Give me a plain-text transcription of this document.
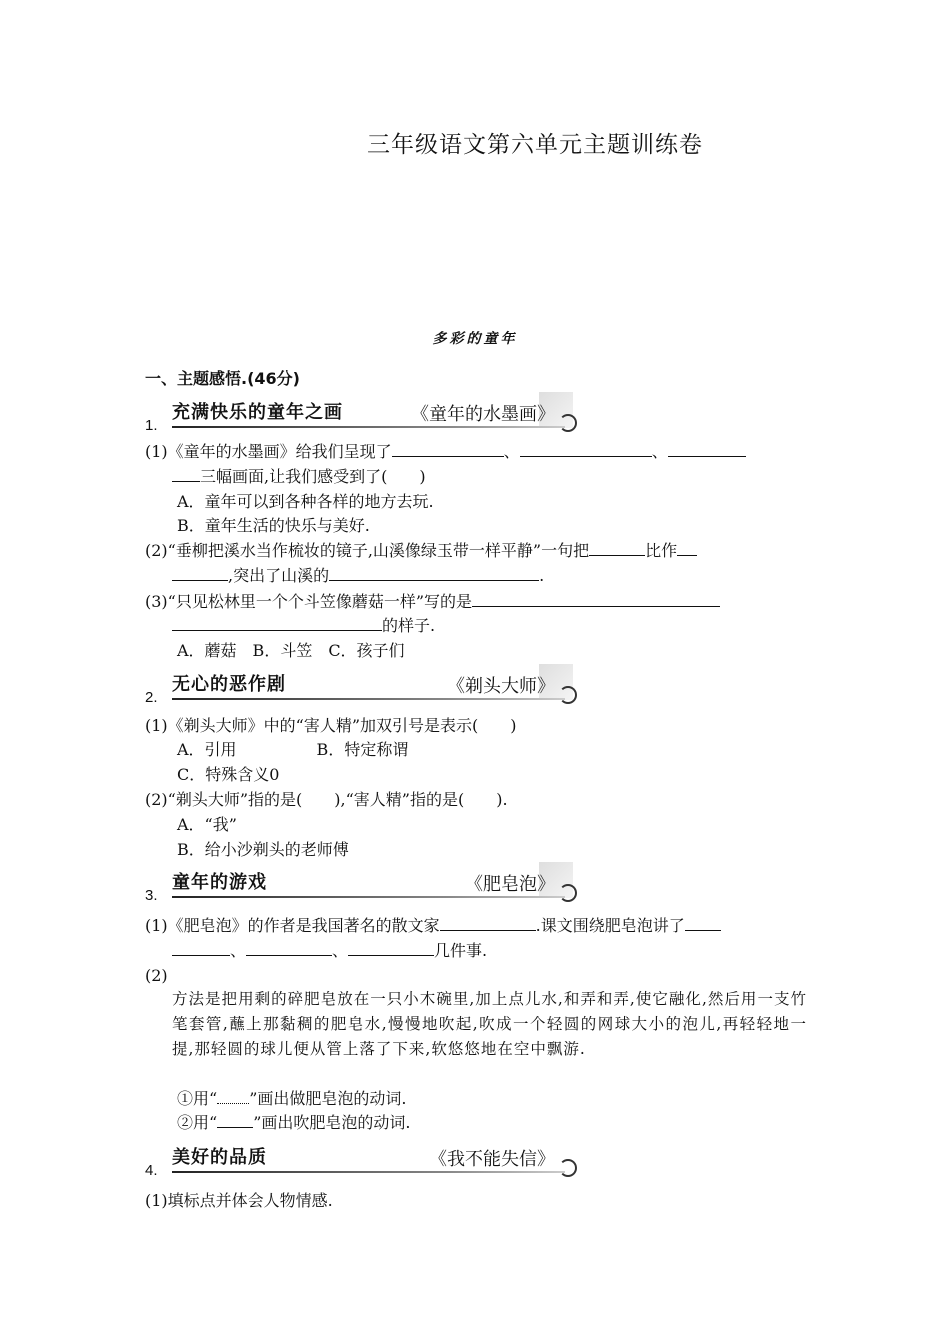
三年级语文第六单元主题训练卷
多彩的童年
一、主题感悟.(46分)
1.
充满快乐的童年之画	《童年的水墨画》
(1)《童年的水墨画》给我们呈现了	、	、
三幅画面,让我们感受到了(　　)
A．童年可以到各种各样的地方去玩.
B．童年生活的快乐与美好.
(2)“垂柳把溪水当作梳妆的镜子,山溪像绿玉带一样平静”一句把	比作
,突出了山溪的	.
(3)“只见松林里一个个斗笠像蘑菇一样”写的是
的样子.
A．蘑菇　B．斗笠　C．孩子们
2.
无心的恶作剧	《剃头大师》
(1)《剃头大师》中的“害人精”加双引号是表示(　　)
A．引用　　　　　B．特定称谓
C．特殊含义0
(2)“剃头大师”指的是(　　),“害人精”指的是(　　).
A．“我”
B．给小沙剃头的老师傅
3.
童年的游戏	《肥皂泡》
(1)《肥皂泡》的作者是我国著名的散文家	.课文围绕肥皂泡讲了
、	、	几件事.
(2)
方法是把用剩的碎肥皂放在一只小木碗里,加上点儿水,和弄和弄,使它融化,然后用一支竹笔套管,蘸上那黏稠的肥皂水,慢慢地吹起,吹成一个轻圆的网球大小的泡儿,再轻轻地一提,那轻圆的球儿便从管上落了下来,软悠悠地在空中飘游.
①用“ ”画出做肥皂泡的动词.
②用“ ”画出吹肥皂泡的动词.
4.
美好的品质	《我不能失信》
(1)填标点并体会人物情感.
